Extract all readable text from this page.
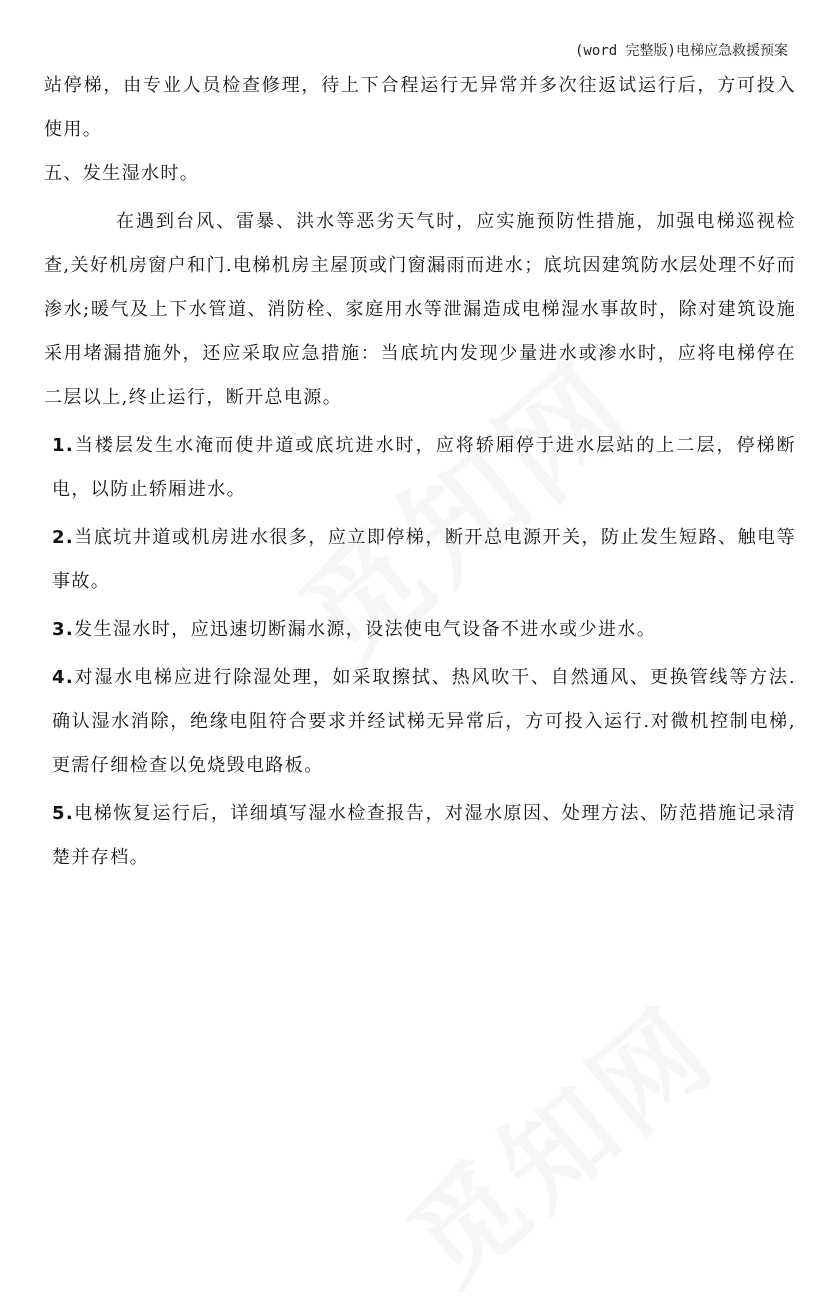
(word 完整版)电梯应急救援预案

站停梯，由专业人员检查修理，待上下合程运行无异常并多次往返试运行后，方可投入使用。

五、发生湿水时。

在遇到台风、雷暴、洪水等恶劣天气时，应实施预防性措施，加强电梯巡视检查,关好机房窗户和门.电梯机房主屋顶或门窗漏雨而进水；底坑因建筑防水层处理不好而渗水;暖气及上下水管道、消防栓、家庭用水等泄漏造成电梯湿水事故时，除对建筑设施采用堵漏措施外，还应采取应急措施：当底坑内发现少量进水或渗水时，应将电梯停在二层以上,终止运行，断开总电源。

1.当楼层发生水淹而使井道或底坑进水时，应将轿厢停于进水层站的上二层，停梯断电，以防止轿厢进水。

2.当底坑井道或机房进水很多，应立即停梯，断开总电源开关，防止发生短路、触电等事故。

3.发生湿水时，应迅速切断漏水源，设法使电气设备不进水或少进水。

4.对湿水电梯应进行除湿处理，如采取擦拭、热风吹干、自然通风、更换管线等方法.确认湿水消除，绝缘电阻符合要求并经试梯无异常后，方可投入运行.对微机控制电梯,更需仔细检查以免烧毁电路板。

5.电梯恢复运行后，详细填写湿水检查报告，对湿水原因、处理方法、防范措施记录清楚并存档。
